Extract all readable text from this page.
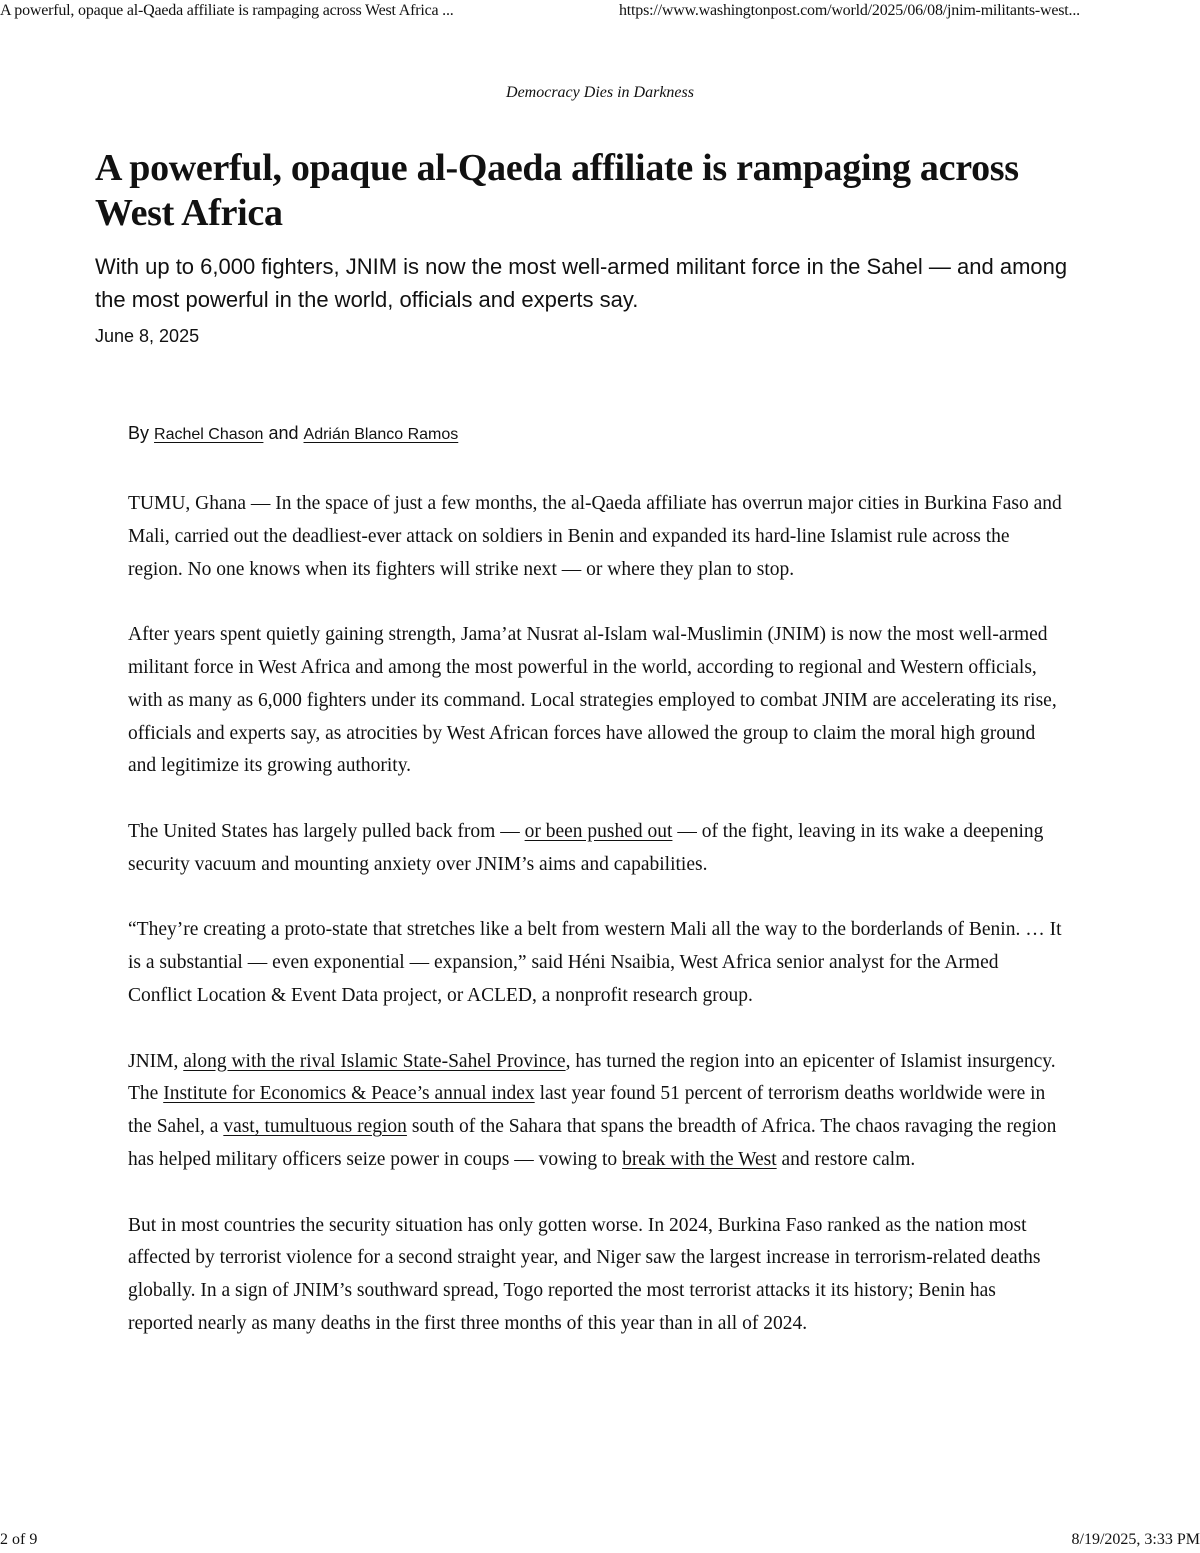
A powerful, opaque al-Qaeda affiliate is rampaging across West Africa ...	https://www.washingtonpost.com/world/2025/06/08/jnim-militants-west...
Democracy Dies in Darkness
A powerful, opaque al-Qaeda affiliate is rampaging across West Africa

With up to 6,000 fighters, JNIM is now the most well-armed militant force in the Sahel — and among the most powerful in the world, officials and experts say.

June 8, 2025
By Rachel Chason and Adrián Blanco Ramos

TUMU, Ghana — In the space of just a few months, the al-Qaeda affiliate has overrun major cities in Burkina Faso and Mali, carried out the deadliest-ever attack on soldiers in Benin and expanded its hard-line Islamist rule across the region. No one knows when its fighters will strike next — or where they plan to stop.

After years spent quietly gaining strength, Jama’at Nusrat al-Islam wal-Muslimin (JNIM) is now the most well-armed militant force in West Africa and among the most powerful in the world, according to regional and Western officials, with as many as 6,000 fighters under its command. Local strategies employed to combat JNIM are accelerating its rise, officials and experts say, as atrocities by West African forces have allowed the group to claim the moral high ground and legitimize its growing authority.

The United States has largely pulled back from — or been pushed out — of the fight, leaving in its wake a deepening security vacuum and mounting anxiety over JNIM’s aims and capabilities.

“They’re creating a proto-state that stretches like a belt from western Mali all the way to the borderlands of Benin. … It is a substantial — even exponential — expansion,” said Héni Nsaibia, West Africa senior analyst for the Armed Conflict Location & Event Data project, or ACLED, a nonprofit research group.

JNIM, along with the rival Islamic State-Sahel Province, has turned the region into an epicenter of Islamist insurgency. The Institute for Economics & Peace’s annual index last year found 51 percent of terrorism deaths worldwide were in the Sahel, a vast, tumultuous region south of the Sahara that spans the breadth of Africa. The chaos ravaging the region has helped military officers seize power in coups — vowing to break with the West and restore calm.

But in most countries the security situation has only gotten worse. In 2024, Burkina Faso ranked as the nation most affected by terrorist violence for a second straight year, and Niger saw the largest increase in terrorism-related deaths globally. In a sign of JNIM’s southward spread, Togo reported the most terrorist attacks it its history; Benin has reported nearly as many deaths in the first three months of this year than in all of 2024.

2 of 9	8/19/2025, 3:33 PM
